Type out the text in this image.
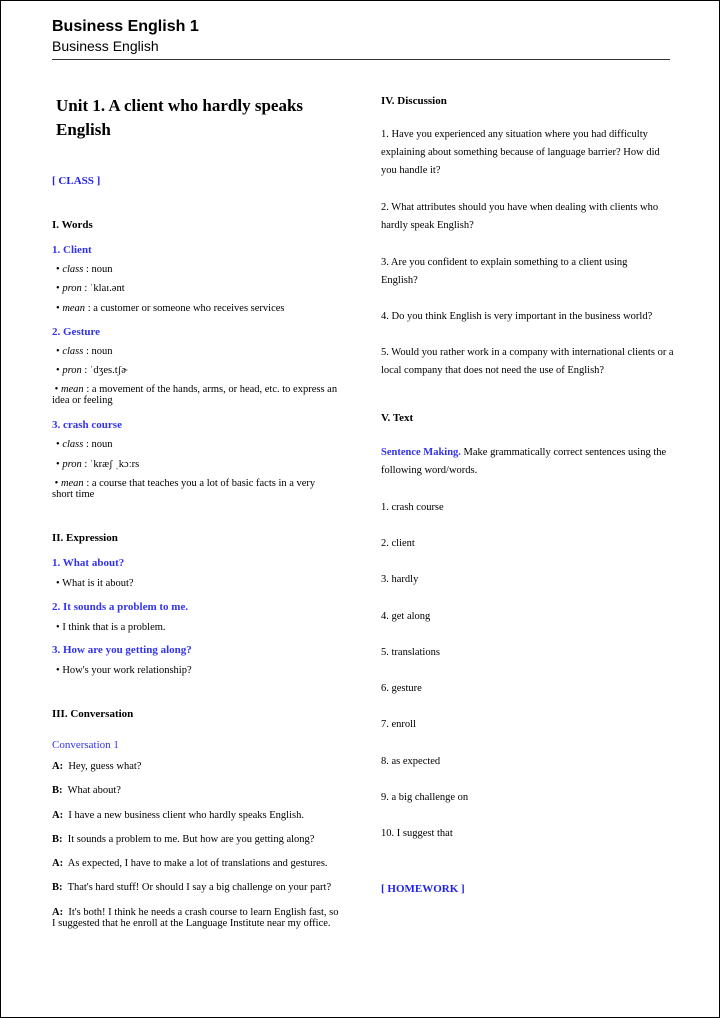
Business English 1
Business English
Unit 1. A client who hardly speaks English
[ CLASS ]
I. Words
1. Client
• class : noun
• pron : ˈklaɪ.ənt
• mean : a customer or someone who receives services
2. Gesture
• class : noun
• pron : ˈdʒes.tʃɚ
• mean : a movement of the hands, arms, or head, etc. to express an idea or feeling
3. crash course
• class : noun
• pron : ˈkræʃ ˌkɔːrs
• mean : a course that teaches you a lot of basic facts in a very short time
II. Expression
1. What about?
• What is it about?
2. It sounds a problem to me.
• I think that is a problem.
3. How are you getting along?
• How's your work relationship?
III. Conversation
Conversation 1
A: Hey, guess what?
B: What about?
A: I have a new business client who hardly speaks English.
B: It sounds a problem to me. But how are you getting along?
A: As expected, I have to make a lot of translations and gestures.
B: That's hard stuff! Or should I say a big challenge on your part?
A: It's both! I think he needs a crash course to learn English fast, so I suggested that he enroll at the Language Institute near my office.
IV. Discussion
1. Have you experienced any situation where you had difficulty explaining about something because of language barrier? How did you handle it?
2. What attributes should you have when dealing with clients who hardly speak English?
3. Are you confident to explain something to a client using English?
4. Do you think English is very important in the business world?
5. Would you rather work in a company with international clients or a local company that does not need the use of English?
V. Text
Sentence Making. Make grammatically correct sentences using the following word/words.
1. crash course
2. client
3. hardly
4. get along
5. translations
6. gesture
7. enroll
8. as expected
9. a big challenge on
10. I suggest that
[ HOMEWORK ]
